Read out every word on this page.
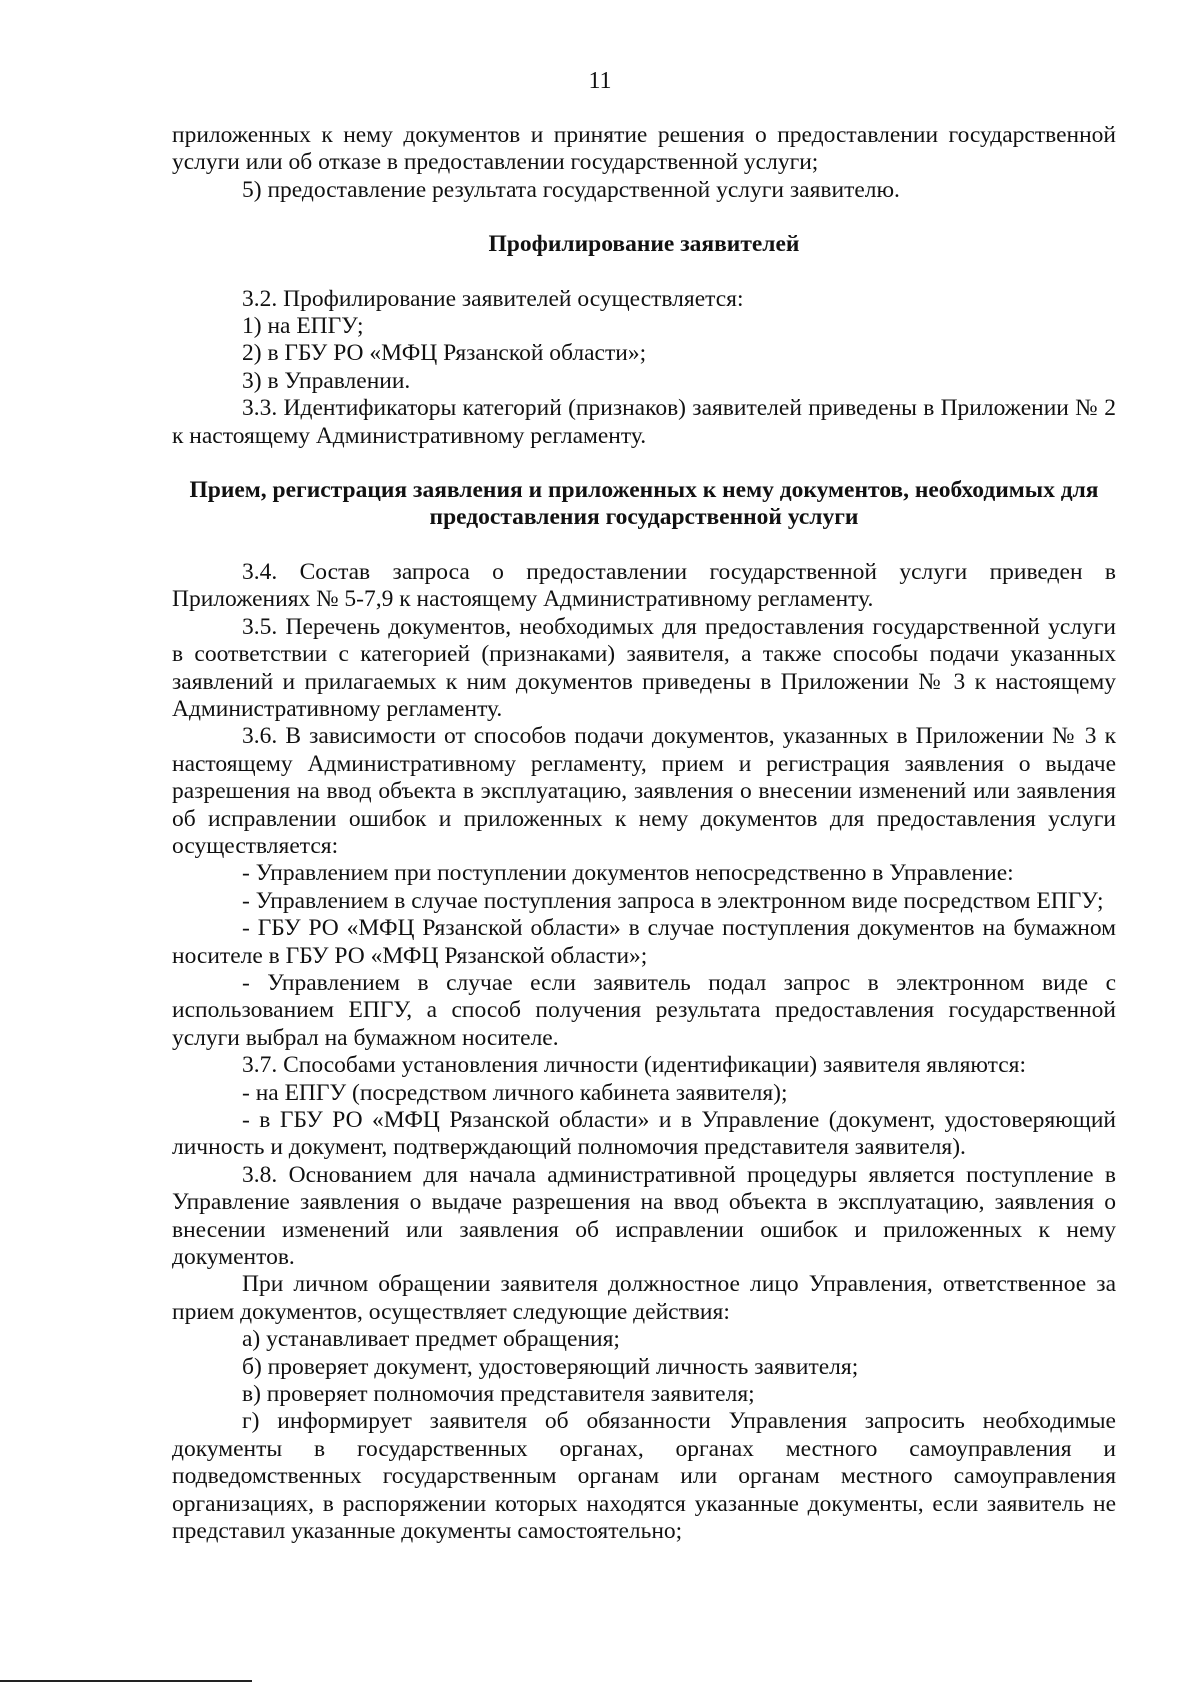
11

приложенных к нему документов и принятие решения о предоставлении государственной услуги или об отказе в предоставлении государственной услуги;

5) предоставление результата государственной услуги заявителю.

Профилирование заявителей

3.2. Профилирование заявителей осуществляется:

1) на ЕПГУ;

2) в ГБУ РО «МФЦ Рязанской области»;

3) в Управлении.

3.3. Идентификаторы категорий (признаков) заявителей приведены в Приложении № 2 к настоящему Административному регламенту.

Прием, регистрация заявления и приложенных к нему документов, необходимых для предоставления государственной услуги

3.4. Состав запроса о предоставлении государственной услуги приведен в Приложениях № 5-7,9 к настоящему Административному регламенту.

3.5. Перечень документов, необходимых для предоставления государственной услуги в соответствии с категорией (признаками) заявителя, а также способы подачи указанных заявлений и прилагаемых к ним документов приведены в Приложении № 3 к настоящему Административному регламенту.

3.6. В зависимости от способов подачи документов, указанных в Приложении № 3 к настоящему Административному регламенту, прием и регистрация заявления о выдаче разрешения на ввод объекта в эксплуатацию, заявления о внесении изменений или заявления об исправлении ошибок и приложенных к нему документов для предоставления услуги осуществляется:

- Управлением при поступлении документов непосредственно в Управление:

- Управлением в случае поступления запроса в электронном виде посредством ЕПГУ;

- ГБУ РО «МФЦ Рязанской области» в случае поступления документов на бумажном носителе в ГБУ РО «МФЦ Рязанской области»;

- Управлением в случае если заявитель подал запрос в электронном виде с использованием ЕПГУ, а способ получения результата предоставления государственной услуги выбрал на бумажном носителе.

3.7. Способами установления личности (идентификации) заявителя являются:

- на ЕПГУ (посредством личного кабинета заявителя);

- в ГБУ РО «МФЦ Рязанской области» и в Управление (документ, удостоверяющий личность и документ, подтверждающий полномочия представителя заявителя).

3.8. Основанием для начала административной процедуры является поступление в Управление заявления о выдаче разрешения на ввод объекта в эксплуатацию, заявления о внесении изменений или заявления об исправлении ошибок и приложенных к нему документов.

При личном обращении заявителя должностное лицо Управления, ответственное за прием документов, осуществляет следующие действия:

а) устанавливает предмет обращения;

б) проверяет документ, удостоверяющий личность заявителя;

в) проверяет полномочия представителя заявителя;

г) информирует заявителя об обязанности Управления запросить необходимые документы в государственных органах, органах местного самоуправления и подведомственных государственным органам или органам местного самоуправления организациях, в распоряжении которых находятся указанные документы, если заявитель не представил указанные документы самостоятельно;
